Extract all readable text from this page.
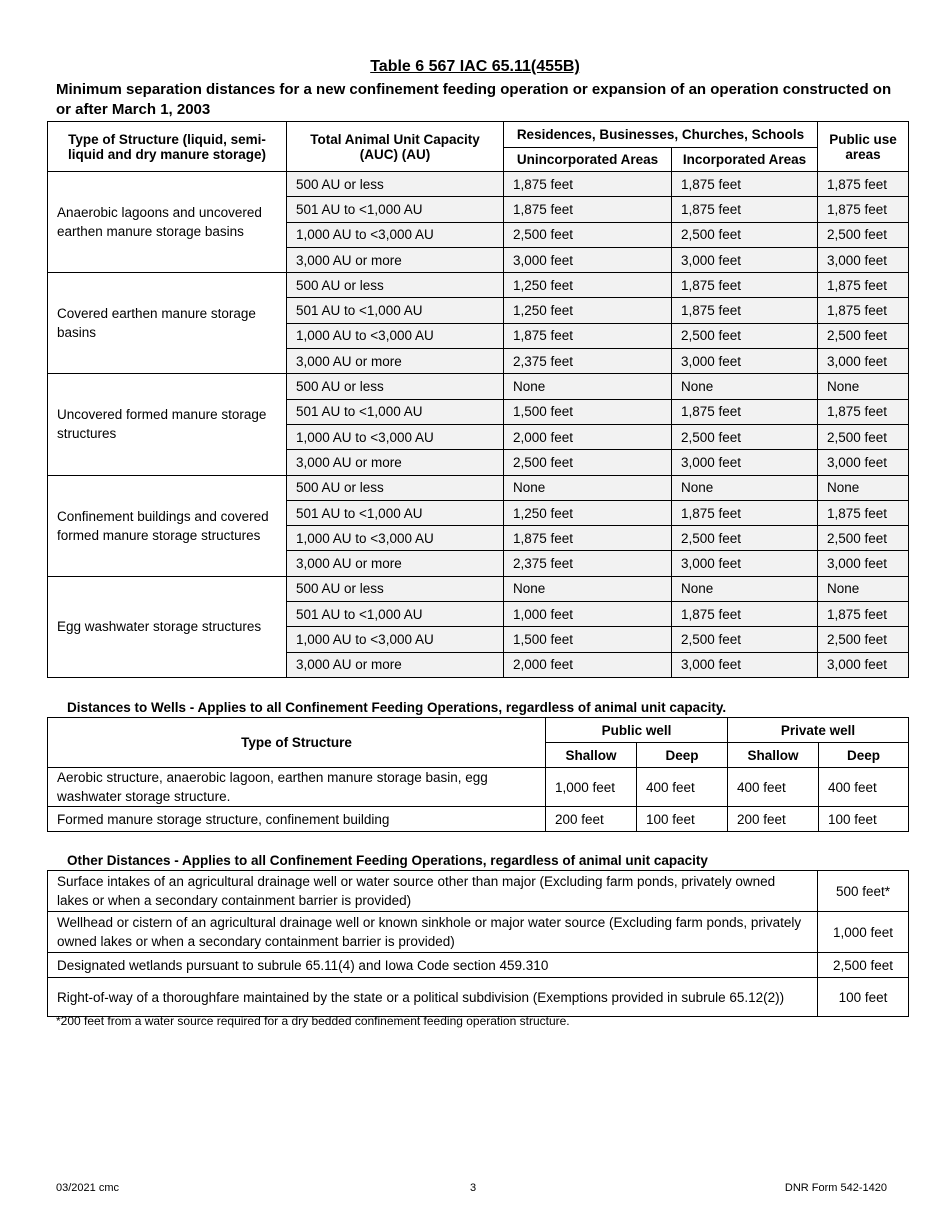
Table 6 567 IAC 65.11(455B)
Minimum separation distances for a new confinement feeding operation or expansion of an operation constructed on or after March 1, 2003
Type of Structure (liquid, semi-liquid and dry manure storage)	Total Animal Unit Capacity (AUC) (AU)	Residences, Businesses, Churches, Schools		Public use areas
		Unincorporated Areas	Incorporated Areas	
Anaerobic lagoons and uncovered earthen manure storage basins	500 AU or less	1,875 feet	1,875 feet	1,875 feet
	501 AU to <1,000 AU	1,875 feet	1,875 feet	1,875 feet
	1,000 AU to <3,000 AU	2,500 feet	2,500 feet	2,500 feet
	3,000 AU or more	3,000 feet	3,000 feet	3,000 feet
Covered earthen manure storage basins	500 AU or less	1,250 feet	1,875 feet	1,875 feet
	501 AU to <1,000 AU	1,250 feet	1,875 feet	1,875 feet
	1,000 AU to <3,000 AU	1,875 feet	2,500 feet	2,500 feet
	3,000 AU or more	2,375 feet	3,000 feet	3,000 feet
Uncovered formed manure storage structures	500 AU or less	None	None	None
	501 AU to <1,000 AU	1,500 feet	1,875 feet	1,875 feet
	1,000 AU to <3,000 AU	2,000 feet	2,500 feet	2,500 feet
	3,000 AU or more	2,500 feet	3,000 feet	3,000 feet
Confinement buildings and covered formed manure storage structures	500 AU or less	None	None	None
	501 AU to <1,000 AU	1,250 feet	1,875 feet	1,875 feet
	1,000 AU to <3,000 AU	1,875 feet	2,500 feet	2,500 feet
	3,000 AU or more	2,375 feet	3,000 feet	3,000 feet
Egg washwater storage structures	500 AU or less	None	None	None
	501 AU to <1,000 AU	1,000 feet	1,875 feet	1,875 feet
	1,000 AU to <3,000 AU	1,500 feet	2,500 feet	2,500 feet
	3,000 AU or more	2,000 feet	3,000 feet	3,000 feet
Distances to Wells - Applies to all Confinement Feeding Operations, regardless of animal unit capacity.
Type of Structure	Public well		Private well	
	Shallow	Deep	Shallow	Deep
Aerobic structure, anaerobic lagoon, earthen manure storage basin, egg washwater storage structure.	1,000 feet	400 feet	400 feet	400 feet
Formed manure storage structure, confinement building	200 feet	100 feet	200 feet	100 feet
Other Distances - Applies to all Confinement Feeding Operations, regardless of animal unit capacity
Surface intakes of an agricultural drainage well or water source other than major (Excluding farm ponds, privately owned lakes or when a secondary containment barrier is provided)	500 feet*
Wellhead or cistern of an agricultural drainage well or known sinkhole or major water source (Excluding farm ponds, privately owned lakes or when a secondary containment barrier is provided)	1,000 feet
Designated wetlands pursuant to subrule 65.11(4) and Iowa Code section 459.310	2,500 feet
Right-of-way of a thoroughfare maintained by the state or a political subdivision (Exemptions provided in subrule 65.12(2))	100 feet
*200 feet from a water source required for a dry bedded confinement feeding operation structure.
03/2021 cmc	3	DNR Form 542-1420
